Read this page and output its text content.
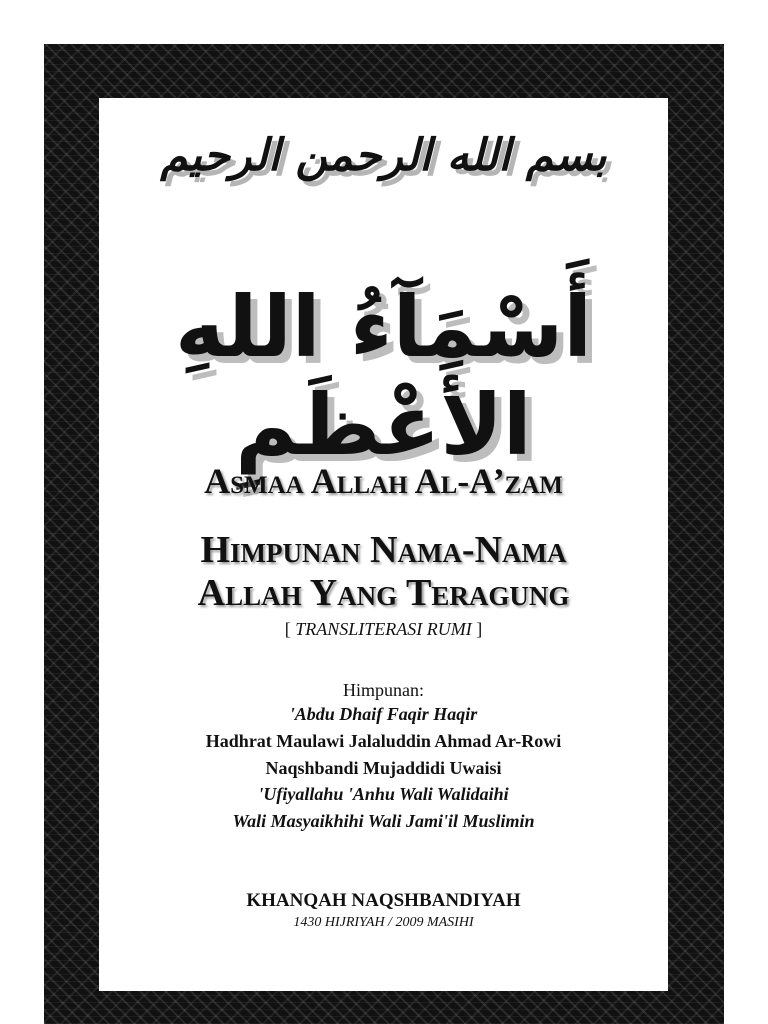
بسم الله الرحمن الرحيم
أَسْمَآءُ اللهِ الأَعْظَمِ
Asmaa Allah Al-A’zam
Himpunan Nama-Nama
Allah Yang Teragung
[ TRANSLITERASI RUMI ]
Himpunan:
'Abdu Dhaif Faqir Haqir
Hadhrat Maulawi Jalaluddin Ahmad Ar-Rowi
Naqshbandi Mujaddidi Uwaisi
'Ufiyallahu 'Anhu Wali Walidaihi
Wali Masyaikhihi Wali Jami'il Muslimin
KHANQAH NAQSHBANDIYAH
1430 HIJRIYAH / 2009 MASIHI
